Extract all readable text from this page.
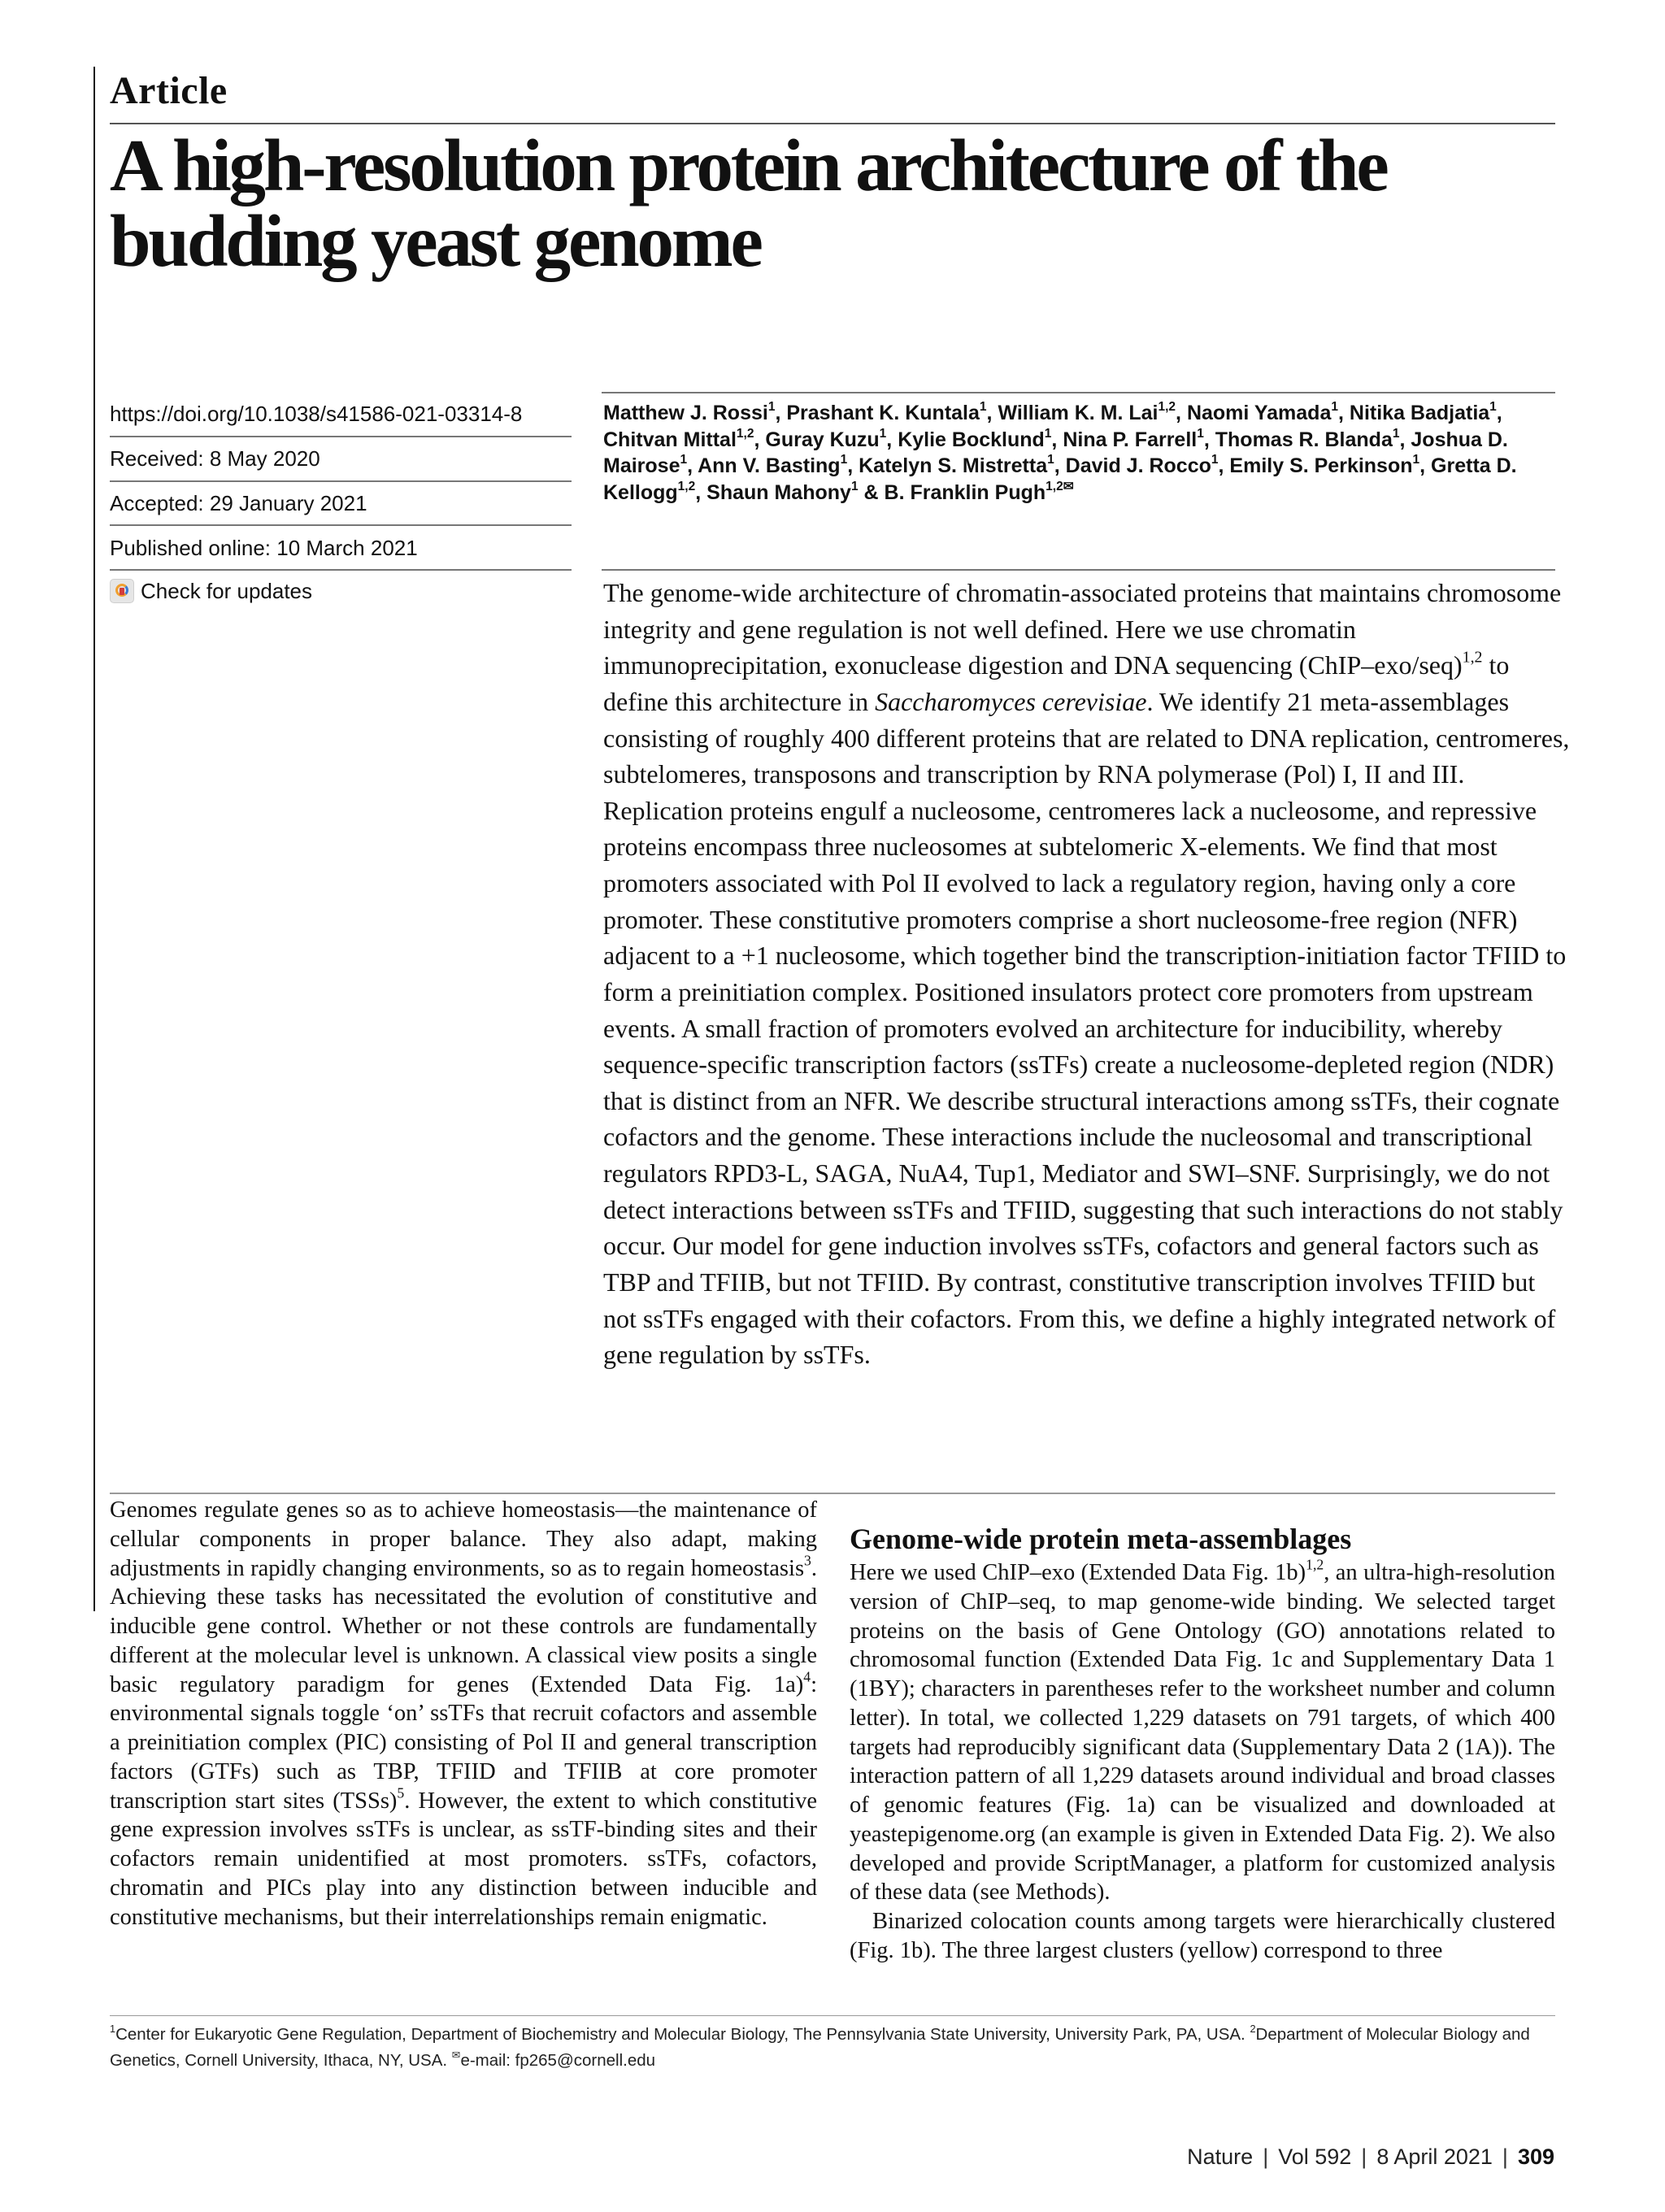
Article
A high-resolution protein architecture of the budding yeast genome
https://doi.org/10.1038/s41586-021-03314-8
Received: 8 May 2020
Accepted: 29 January 2021
Published online: 10 March 2021
Check for updates
Matthew J. Rossi$^1$, Prashant K. Kuntala$^1$, William K. M. Lai$^{1,2}$, Naomi Yamada$^1$, Nitika Badjatia$^1$, Chitvan Mittal$^{1,2}$, Guray Kuzu$^1$, Kylie Bocklund$^1$, Nina P. Farrell$^1$, Thomas R. Blanda$^1$, Joshua D. Mairose$^1$, Ann V. Basting$^1$, Katelyn S. Mistretta$^1$, David J. Rocco$^1$, Emily S. Perkinson$^1$, Gretta D. Kellogg$^{1,2}$, Shaun Mahony$^1$ & B. Franklin Pugh$^{1,2✉}$

The genome-wide architecture of chromatin-associated proteins that maintains chromosome integrity and gene regulation is not well defined. Here we use chromatin immunoprecipitation, exonuclease digestion and DNA sequencing (ChIP–exo/seq)$^{1,2}$ to define this architecture in Saccharomyces cerevisiae. We identify 21 meta-assemblages consisting of roughly 400 different proteins that are related to DNA replication, centromeres, subtelomeres, transposons and transcription by RNA polymerase (Pol) I, II and III. Replication proteins engulf a nucleosome, centromeres lack a nucleosome, and repressive proteins encompass three nucleosomes at subtelomeric X-elements. We find that most promoters associated with Pol II evolved to lack a regulatory region, having only a core promoter. These constitutive promoters comprise a short nucleosome-free region (NFR) adjacent to a +1 nucleosome, which together bind the transcription-initiation factor TFIID to form a preinitiation complex. Positioned insulators protect core promoters from upstream events. A small fraction of promoters evolved an architecture for inducibility, whereby sequence-specific transcription factors (ssTFs) create a nucleosome-depleted region (NDR) that is distinct from an NFR. We describe structural interactions among ssTFs, their cognate cofactors and the genome. These interactions include the nucleosomal and transcriptional regulators RPD3-L, SAGA, NuA4, Tup1, Mediator and SWI–SNF. Surprisingly, we do not detect interactions between ssTFs and TFIID, suggesting that such interactions do not stably occur. Our model for gene induction involves ssTFs, cofactors and general factors such as TBP and TFIIB, but not TFIID. By contrast, constitutive transcription involves TFIID but not ssTFs engaged with their cofactors. From this, we define a highly integrated network of gene regulation by ssTFs.

Genomes regulate genes so as to achieve homeostasis—the maintenance of cellular components in proper balance. They also adapt, making adjustments in rapidly changing environments, so as to regain homeostasis$^3$. Achieving these tasks has necessitated the evolution of constitutive and inducible gene control. Whether or not these controls are fundamentally different at the molecular level is unknown. A classical view posits a single basic regulatory paradigm for genes (Extended Data Fig. 1a)$^4$: environmental signals toggle ‘on’ ssTFs that recruit cofactors and assemble a preinitiation complex (PIC) consisting of Pol II and general transcription factors (GTFs) such as TBP, TFIID and TFIIB at core promoter transcription start sites (TSSs)$^5$. However, the extent to which constitutive gene expression involves ssTFs is unclear, as ssTF-binding sites and their cofactors remain unidentified at most promoters. ssTFs, cofactors, chromatin and PICs play into any distinction between inducible and constitutive mechanisms, but their interrelationships remain enigmatic.

Genome-wide protein meta-assemblages

Here we used ChIP–exo (Extended Data Fig. 1b)$^{1,2}$, an ultra-high-resolution version of ChIP–seq, to map genome-wide binding. We selected target proteins on the basis of Gene Ontology (GO) annotations related to chromosomal function (Extended Data Fig. 1c and Supplementary Data 1 (1BY); characters in parentheses refer to the worksheet number and column letter). In total, we collected 1,229 datasets on 791 targets, of which 400 targets had reproducibly significant data (Supplementary Data 2 (1A)). The interaction pattern of all 1,229 datasets around individual and broad classes of genomic features (Fig. 1a) can be visualized and downloaded at yeastepigenome.org (an example is given in Extended Data Fig. 2). We also developed and provide ScriptManager, a platform for customized analysis of these data (see Methods).

Binarized colocation counts among targets were hierarchically clustered (Fig. 1b). The three largest clusters (yellow) correspond to three

$^1$Center for Eukaryotic Gene Regulation, Department of Biochemistry and Molecular Biology, The Pennsylvania State University, University Park, PA, USA. $^2$Department of Molecular Biology and Genetics, Cornell University, Ithaca, NY, USA. ✉e-mail: fp265@cornell.edu
Nature | Vol 592 | 8 April 2021 | 309
